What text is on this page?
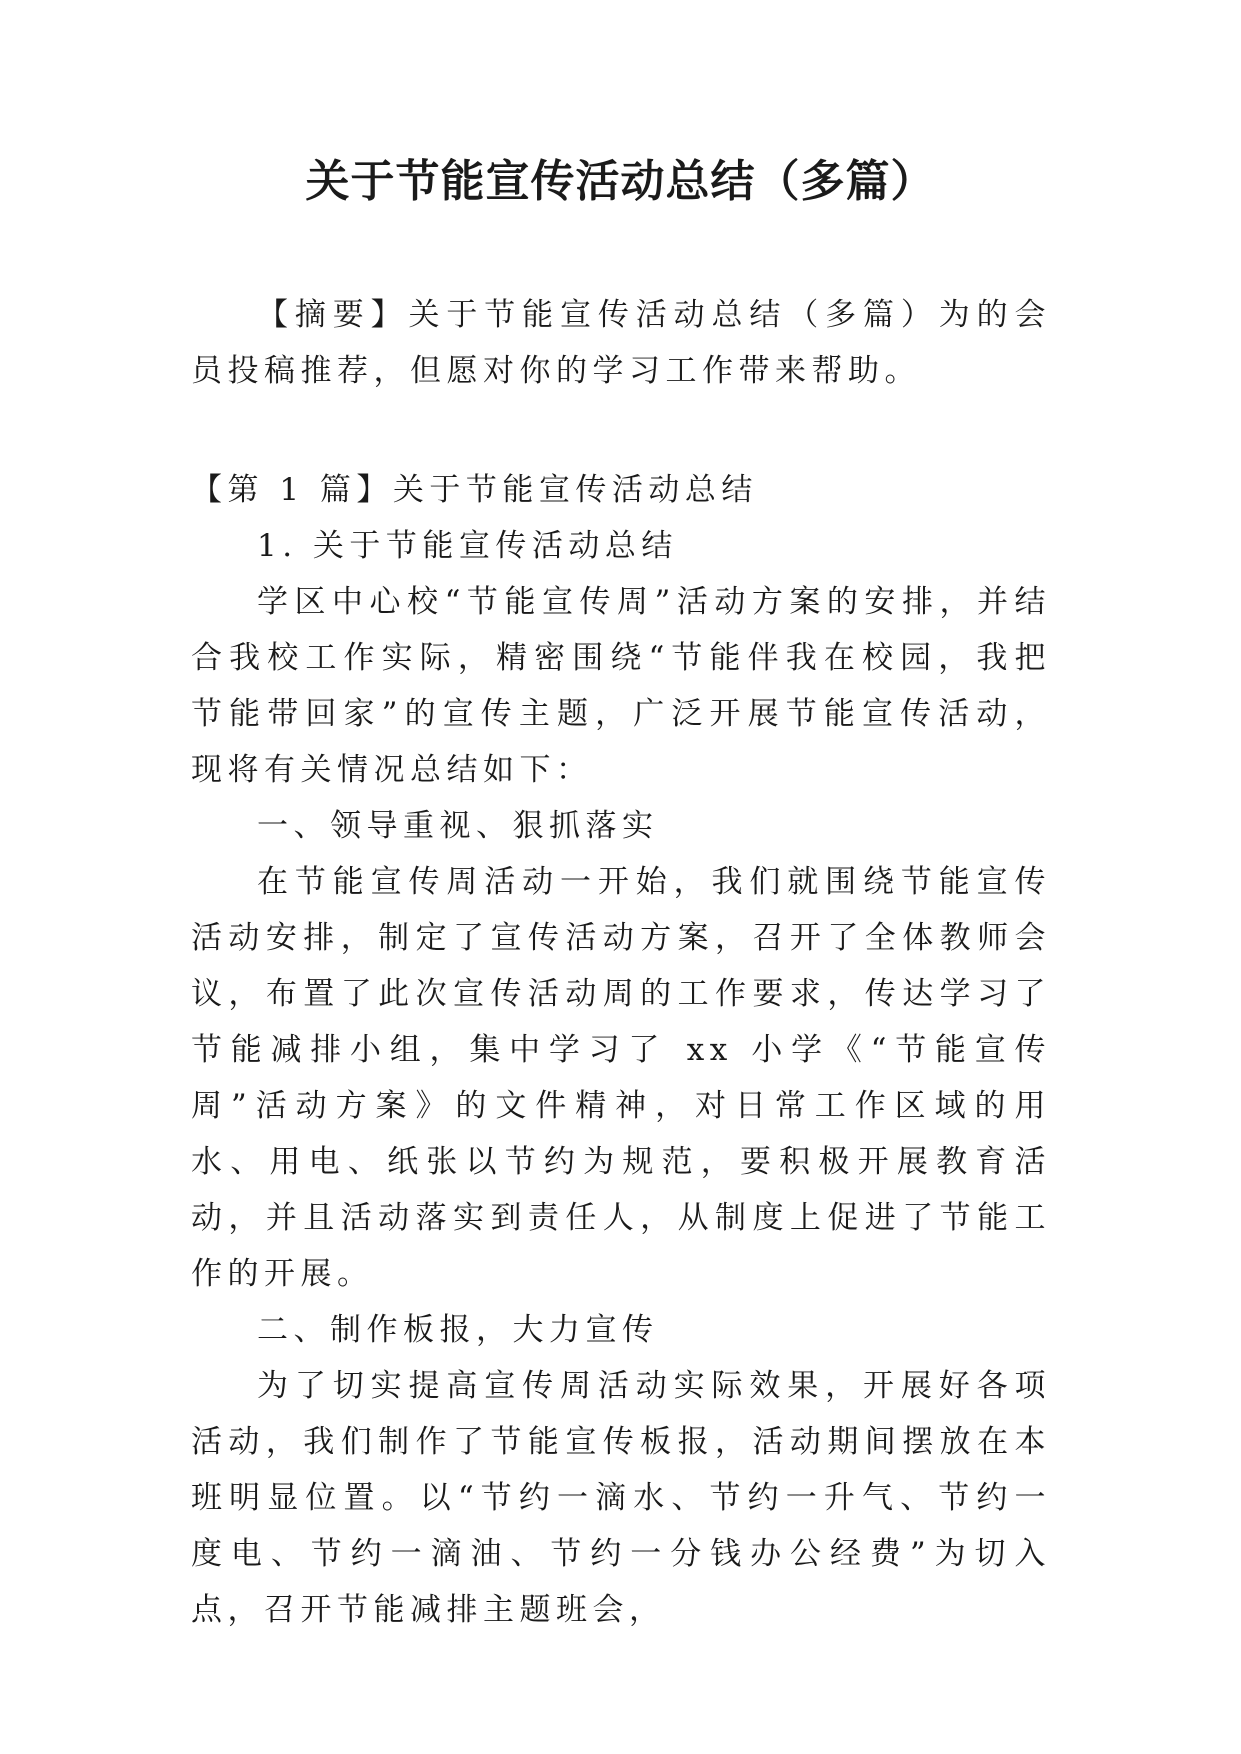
关于节能宣传活动总结（多篇）

【摘要】关于节能宣传活动总结（多篇）为的会员投稿推荐，但愿对你的学习工作带来帮助。

【第 1 篇】关于节能宣传活动总结

1. 关于节能宣传活动总结

学区中心校“节能宣传周”活动方案的安排，并结合我校工作实际，精密围绕“节能伴我在校园，我把节能带回家”的宣传主题，广泛开展节能宣传活动，现将有关情况总结如下：

一、领导重视、狠抓落实

在节能宣传周活动一开始，我们就围绕节能宣传活动安排，制定了宣传活动方案，召开了全体教师会议，布置了此次宣传活动周的工作要求，传达学习了节能减排小组，集中学习了 xx 小学《“节能宣传周”活动方案》的文件精神，对日常工作区域的用水、用电、纸张以节约为规范，要积极开展教育活动，并且活动落实到责任人，从制度上促进了节能工作的开展。

二、制作板报，大力宣传

为了切实提高宣传周活动实际效果，开展好各项活动，我们制作了节能宣传板报，活动期间摆放在本班明显位置。以“节约一滴水、节约一升气、节约一度电、节约一滴油、节约一分钱办公经费”为切入点，召开节能减排主题班会，
